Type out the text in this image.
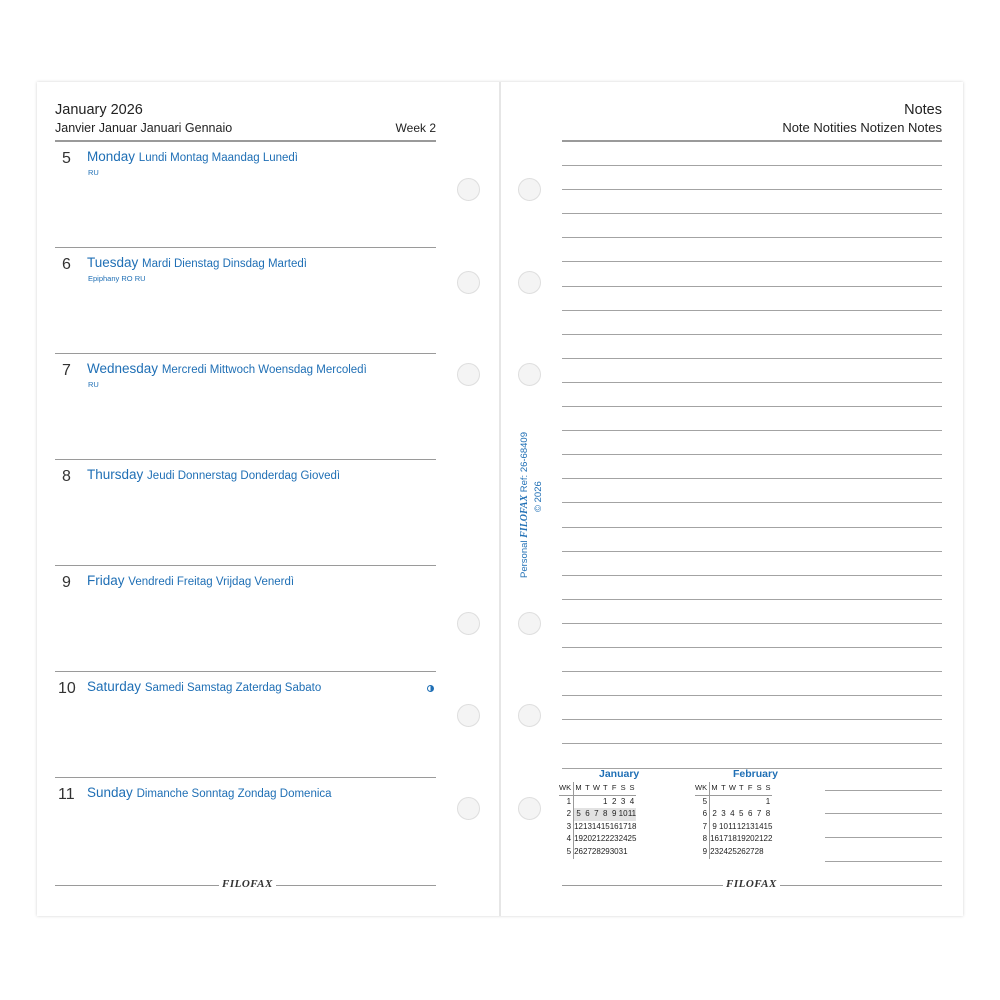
January 2026
Janvier Januar Januari Gennaio	Week 2
5 Monday Lundi Montag Maandag Lunedì
RU
6 Tuesday Mardi Dienstag Dinsdag Martedì
Epiphany RO RU
7 Wednesday Mercredi Mittwoch Woensdag Mercoledì
RU
8 Thursday Jeudi Donnerstag Donderdag Giovedì
9 Friday Vendredi Freitag Vrijdag Venerdì
10 Saturday Samedi Samstag Zaterdag Sabato
11 Sunday Dimanche Sonntag Zondag Domenica
FILOFAX
Notes
Note Notities Notizen Notes
Personal FILOFAX Ref: 26-68409
© 2026
January
WK	M	T	W	T	F	S	S
1				1	2	3	4
2	5	6	7	8	9	10	11
3	12	13	14	15	16	17	18
4	19	20	21	22	23	24	25
5	26	27	28	29	30	31	
February
WK	M	T	W	T	F	S	S
5							1
6	2	3	4	5	6	7	8
7	9	10	11	12	13	14	15
8	16	17	18	19	20	21	22
9	23	24	25	26	27	28	
FILOFAX
